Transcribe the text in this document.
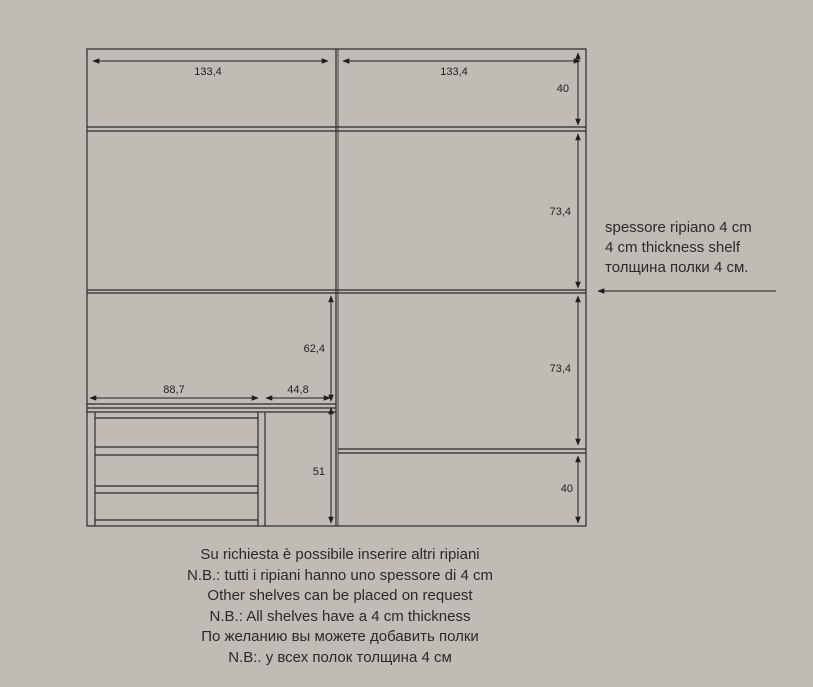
133,4	133,4
40
73,4
73,4
40
62,4
88,7	44,8
51
spessore ripiano 4 cm
4 cm thickness shelf
толщина полки 4 см.
Su richiesta è possibile inserire altri ripiani
N.B.: tutti i ripiani hanno uno spessore di 4 cm
Other shelves can be placed on request
N.B.: All shelves have a 4 cm thickness
По желанию вы можете добавить полки
N.B:. у всех полок толщина 4 см
